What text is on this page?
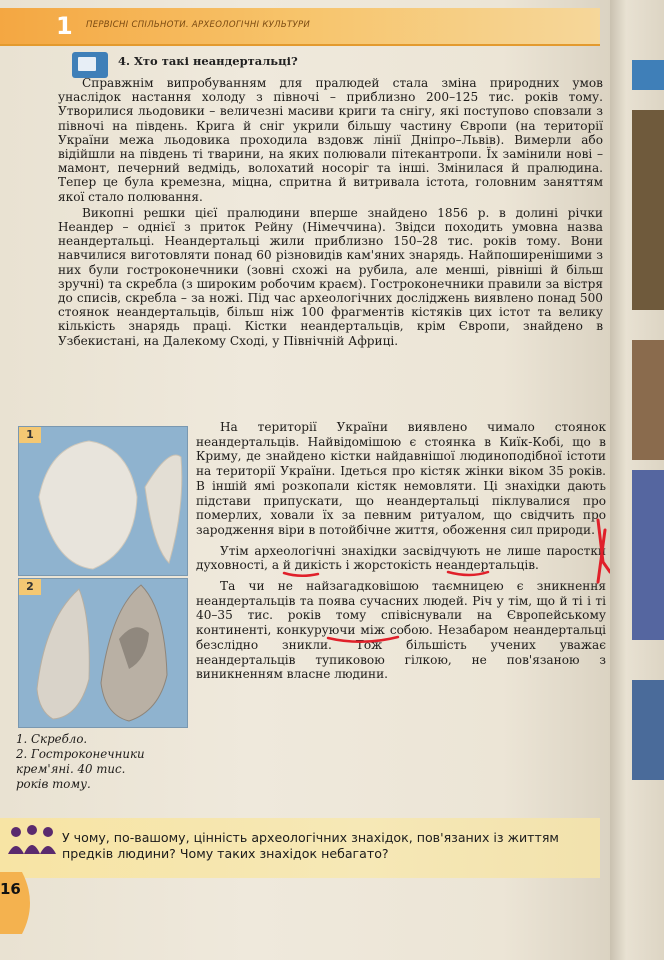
1	ПЕРВІСНІ СПІЛЬНОТИ. АРХЕОЛОГІЧНІ КУЛЬТУРИ
4. Хто такі неандертальці?

Справжнім випробуванням для пралюдей стала зміна природних умов унаслідок настання холоду з півночі – приблизно 200–125 тис. років тому. Утворилися льодовики – величезні масиви криги та снігу, які поступово сповзали з півночі на південь. Крига й сніг укрили більшу частину Європи (на території України межа льодовика проходила вздовж лінії Дніпро–Львів). Вимерли або відійшли на південь ті тварини, на яких полювали пітекантропи. Їх замінили нові – мамонт, печерний ведмідь, волохатий носоріг та інші. Змінилася й пралюдина. Тепер це була кремезна, міцна, спритна й витривала істота, головним заняттям якої стало полювання.

Викопні решки цієї пралюдини вперше знайдено 1856 р. в долині річки Неандер – однієї з приток Рейну (Німеччина). Звідси походить умовна назва неандертальці. Неандертальці жили приблизно 150–28 тис. років тому. Вони навчилися виготовляти понад 60 різновидів кам'яних знарядь. Найпоширенішими з них були гостроконечники (зовні схожі на рубила, але менші, рівніші й більш зручні) та скребла (з широким робочим краєм). Гостроконечники правили за вістря до списів, скребла – за ножі. Під час археологічних досліджень виявлено понад 500 стоянок неандертальців, більш ніж 100 фрагментів кістяків цих істот та велику кількість знарядь праці. Кістки неандертальців, крім Європи, знайдено в Узбекистані, на Далекому Сході, у Північній Африці.

1
2
1. Скребло.
2. Гостроконечники
крем'яні. 40 тис.
років тому.

На території України виявлено чимало стоянок неандертальців. Найвідомішою є стоянка в Киїк-Кобі, що в Криму, де знайдено кістки найдавнішої людиноподібної істоти на території України. Ідеться про кістяк жінки віком 35 років. В іншій ямі розкопали кістяк немовляти. Ці знахідки дають підстави припускати, що неандертальці піклувалися про померлих, ховали їх за певним ритуалом, що свідчить про зародження віри в потойбічне життя, обоження сил природи.

Утім археологічні знахідки засвідчують не лише паростки духовності, а й дикість і жорстокість неандертальців.

Та чи не найзагадковішою таємницею є зникнення неандертальців та поява сучасних людей. Річ у тім, що й ті і ті 40–35 тис. років тому співіснували на Європейському континенті, конкуруючи між собою. Незабаром неандертальці безслідно зникли. Тож більшість учених уважає неандертальців тупиковою гілкою, не пов'язаною з виникненням власне людини.

У чому, по-вашому, цінність археологічних знахідок, пов'язаних із життям предків людини? Чому таких знахідок небагато?
16
